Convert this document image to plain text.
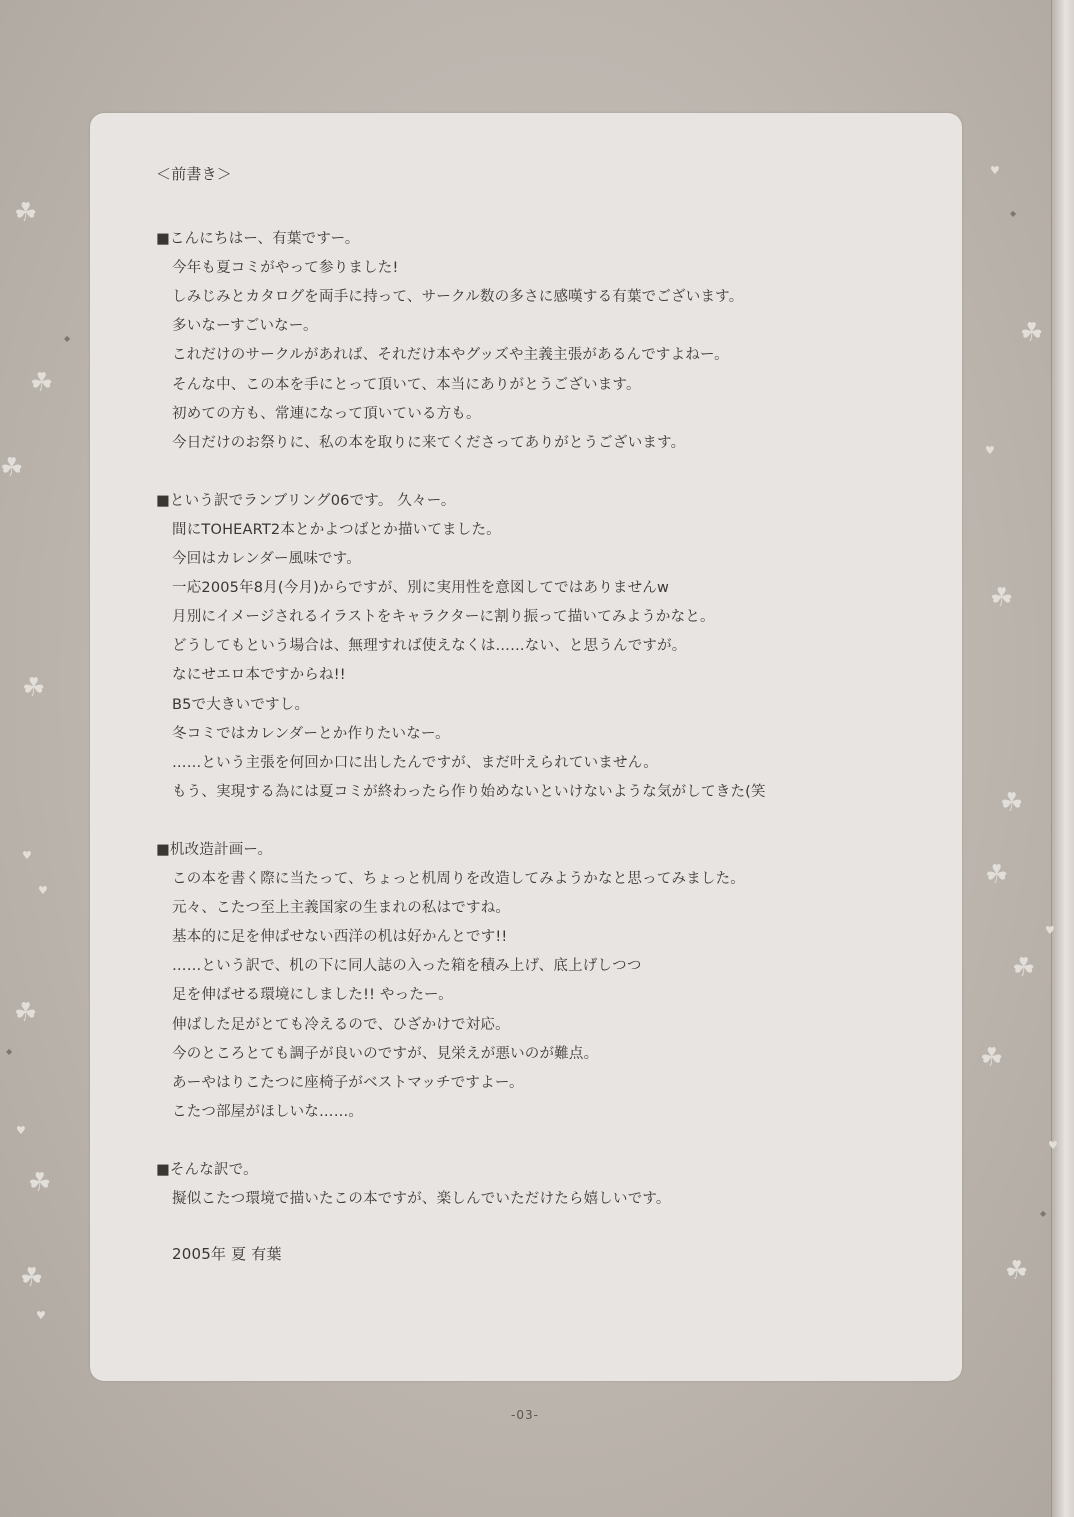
☘
☘
☘
☘
☘
☘
☘
☘
☘
☘
☘
☘
☘
☘
♥
♥
♥
♥
♥
♥
♥
♥
◆
◆
◆
◆
＜前書き＞
■こんにちはー、有葉ですー。
今年も夏コミがやって参りました!
しみじみとカタログを両手に持って、サークル数の多さに感嘆する有葉でございます。
多いなーすごいなー。
これだけのサークルがあれば、それだけ本やグッズや主義主張があるんですよねー。
そんな中、この本を手にとって頂いて、本当にありがとうございます。
初めての方も、常連になって頂いている方も。
今日だけのお祭りに、私の本を取りに来てくださってありがとうございます。
■という訳でランブリング06です。 久々ー。
間にTOHEART2本とかよつばとか描いてました。
今回はカレンダー風味です。
一応2005年8月(今月)からですが、別に実用性を意図してではありませんw
月別にイメージされるイラストをキャラクターに割り振って描いてみようかなと。
どうしてもという場合は、無理すれば使えなくは……ない、と思うんですが。
なにせエロ本ですからね!!
B5で大きいですし。
冬コミではカレンダーとか作りたいなー。
……という主張を何回か口に出したんですが、まだ叶えられていません。
もう、実現する為には夏コミが終わったら作り始めないといけないような気がしてきた(笑
■机改造計画ー。
この本を書く際に当たって、ちょっと机周りを改造してみようかなと思ってみました。
元々、こたつ至上主義国家の生まれの私はですね。
基本的に足を伸ばせない西洋の机は好かんとです!!
……という訳で、机の下に同人誌の入った箱を積み上げ、底上げしつつ
足を伸ばせる環境にしました!! やったー。
伸ばした足がとても冷えるので、ひざかけで対応。
今のところとても調子が良いのですが、見栄えが悪いのが難点。
あーやはりこたつに座椅子がベストマッチですよー。
こたつ部屋がほしいな……。
■そんな訳で。
擬似こたつ環境で描いたこの本ですが、楽しんでいただけたら嬉しいです。
2005年 夏 有葉
-03-
